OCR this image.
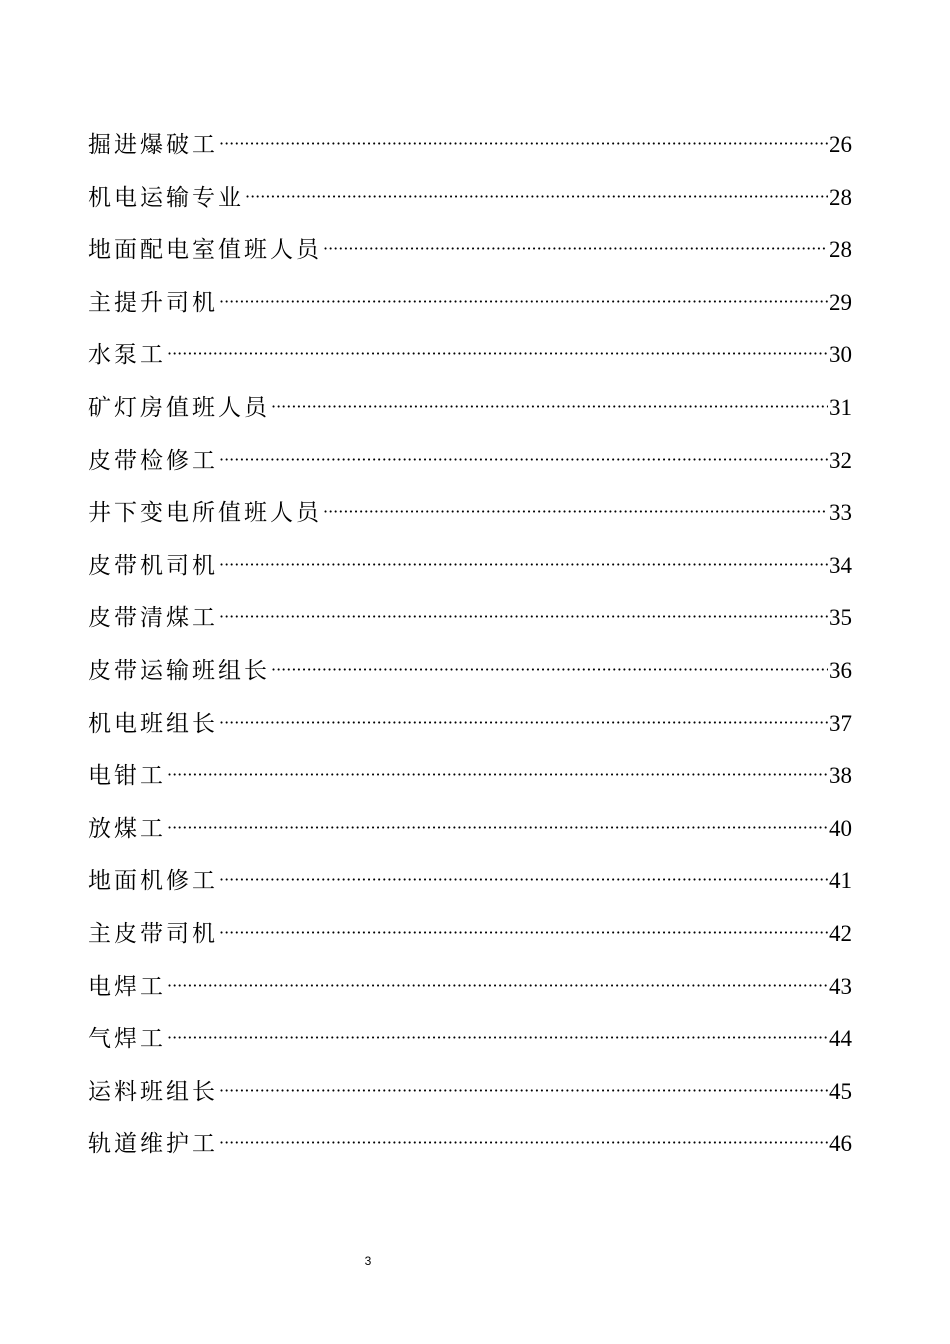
掘进爆破工 ·····	26
机电运输专业 ·····	28
地面配电室值班人员 ·····	28
主提升司机 ·····	29
水泵工 ·····	30
矿灯房值班人员 ·····	31
皮带检修工 ·····	32
井下变电所值班人员 ·····	33
皮带机司机 ·····	34
皮带清煤工 ·····	35
皮带运输班组长 ·····	36
机电班组长 ·····	37
电钳工 ·····	38
放煤工 ·····	40
地面机修工 ·····	41
主皮带司机 ·····	42
电焊工 ·····	43
气焊工 ·····	44
运料班组长 ·····	45
轨道维护工 ·····	46
3
